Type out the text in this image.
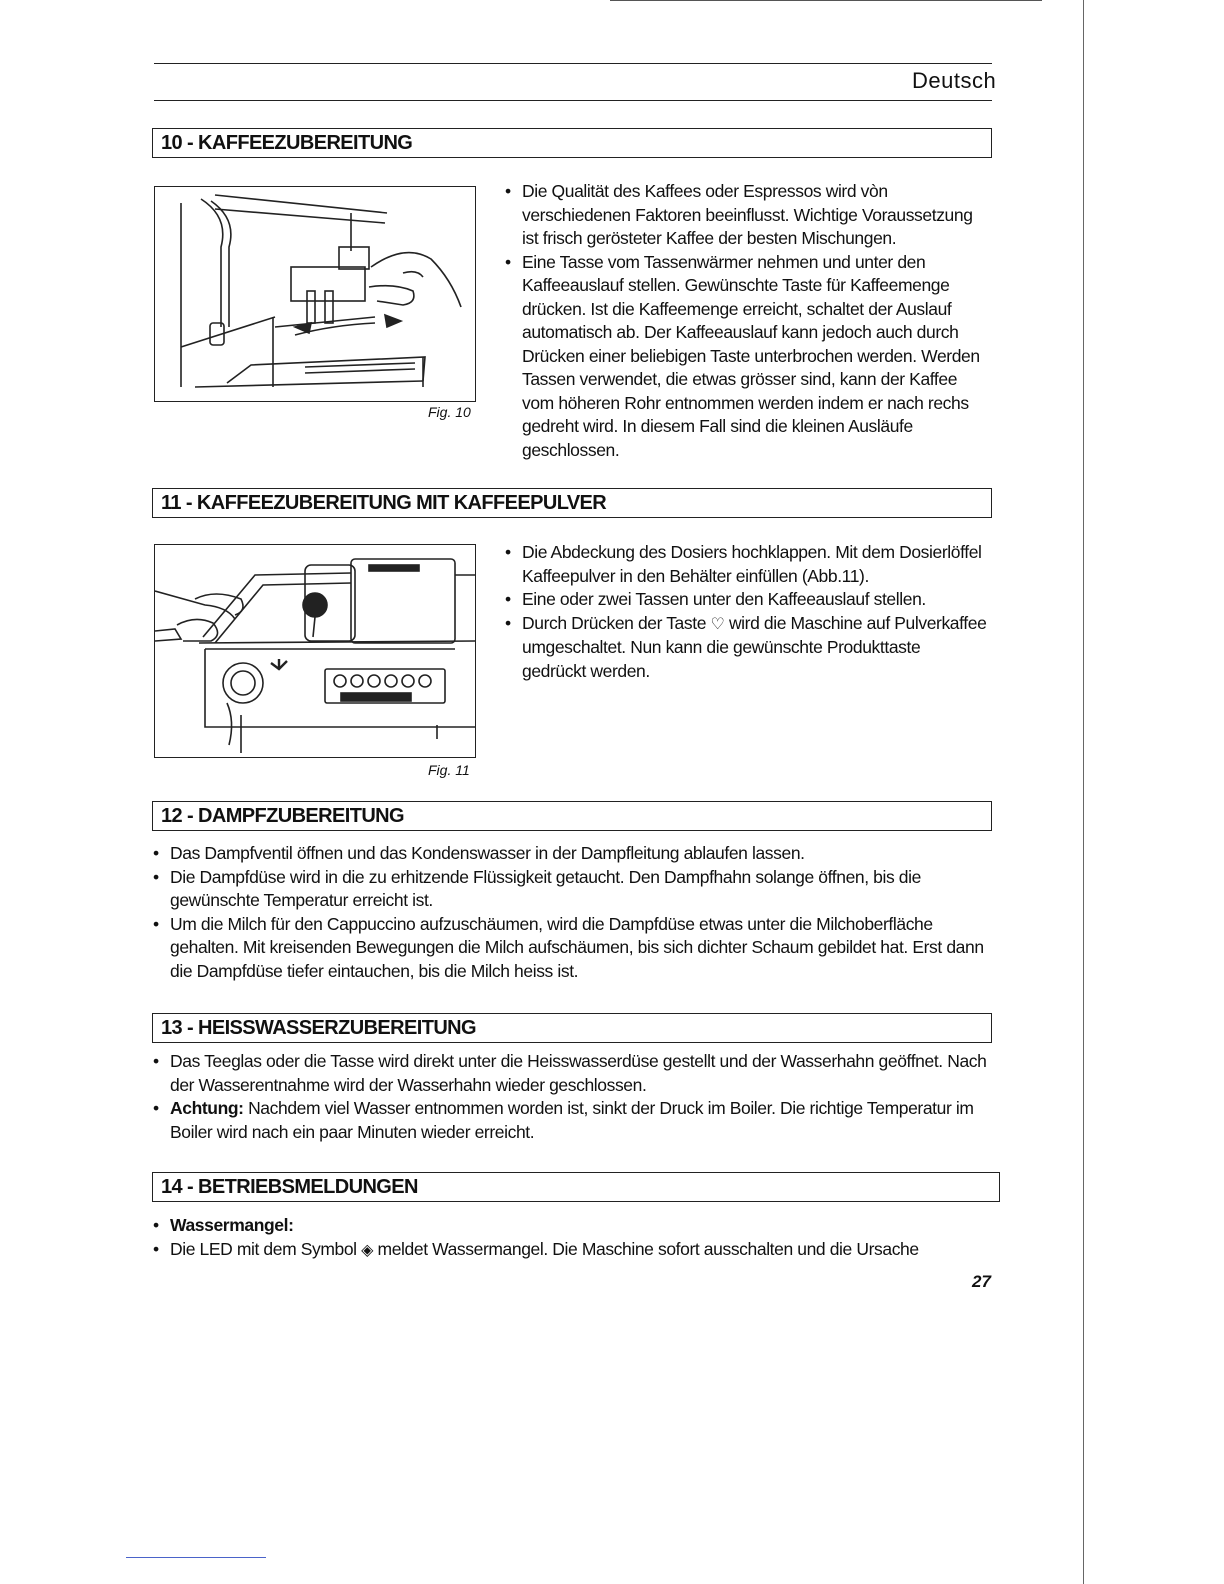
Deutsch
10 - KAFFEEZUBEREITUNG
Fig. 10
• Die Qualität des Kaffees oder Espressos wird vòn verschiedenen Faktoren beeinflusst. Wichtige Voraussetzung ist frisch gerösteter Kaffee der besten Mischungen.
• Eine Tasse vom Tassenwärmer nehmen und unter den Kaffeeauslauf stellen. Gewünschte Taste für Kaffeemenge drücken. Ist die Kaffeemenge erreicht, schaltet der Auslauf automatisch ab. Der Kaffeeauslauf kann jedoch auch durch Drücken einer beliebigen Taste unterbrochen werden. Werden Tassen verwendet, die etwas grösser sind, kann der Kaffee vom höheren Rohr entnommen werden indem er nach rechs gedreht wird. In diesem Fall sind die kleinen Ausläufe geschlossen.
11 - KAFFEEZUBEREITUNG MIT KAFFEEPULVER
Fig. 11
• Die Abdeckung des Dosiers hochklappen. Mit dem Dosierlöffel Kaffeepulver in den Behälter einfüllen (Abb.11).
• Eine oder zwei Tassen unter den Kaffeeauslauf stellen.
• Durch Drücken der Taste ♡ wird die Maschine auf Pulverkaffee umgeschaltet. Nun kann die gewünschte Produkttaste gedrückt werden.
12 - DAMPFZUBEREITUNG
• Das Dampfventil öffnen und das Kondenswasser in der Dampfleitung ablaufen lassen.
• Die Dampfdüse wird in die zu erhitzende Flüssigkeit getaucht. Den Dampfhahn solange öffnen, bis die gewünschte Temperatur erreicht ist.
• Um die Milch für den Cappuccino aufzuschäumen, wird die Dampfdüse etwas unter die Milchoberfläche gehalten. Mit kreisenden Bewegungen die Milch aufschäumen, bis sich dichter Schaum gebildet hat. Erst dann die Dampfdüse tiefer eintauchen, bis die Milch heiss ist.
13 - HEISSWASSERZUBEREITUNG
• Das Teeglas oder die Tasse wird direkt unter die Heisswasserdüse gestellt und der Wasserhahn geöffnet. Nach der Wasserentnahme wird der Wasserhahn wieder geschlossen.
• Achtung: Nachdem viel Wasser entnommen worden ist, sinkt der Druck im Boiler. Die richtige Temperatur im Boiler wird nach ein paar Minuten wieder erreicht.
14 - BETRIEBSMELDUNGEN
• Wassermangel:
• Die LED mit dem Symbol ◈ meldet Wassermangel. Die Maschine sofort ausschalten und die Ursache
27
